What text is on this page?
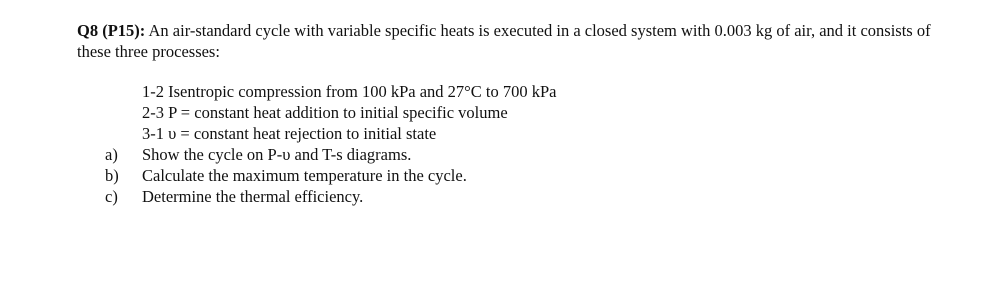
Q8 (P15): An air-standard cycle with variable specific heats is executed in a closed system with 0.003 kg of air, and it consists of these three processes:

1-2 Isentropic compression from 100 kPa and 27°C to 700 kPa
2-3 P = constant heat addition to initial specific volume
3-1 υ = constant heat rejection to initial state
a)	Show the cycle on P-υ and T-s diagrams.
b)	Calculate the maximum temperature in the cycle.
c)	Determine the thermal efficiency.
